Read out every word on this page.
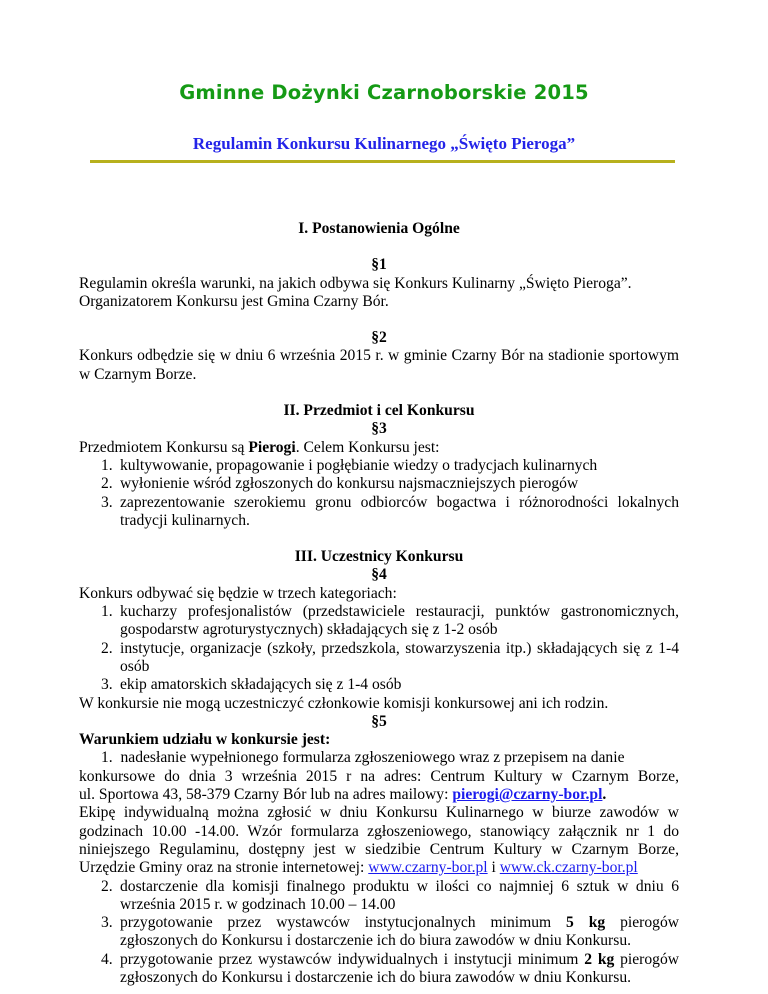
Gminne Dożynki Czarnoborskie 2015
Regulamin Konkursu Kulinarnego „Święto Pieroga”
I. Postanowienia Ogólne
§1
Regulamin określa warunki, na jakich odbywa się Konkurs Kulinarny „Święto Pieroga”.
Organizatorem Konkursu jest Gmina Czarny Bór.
§2
Konkurs odbędzie się w dniu 6 września 2015 r. w gminie Czarny Bór na stadionie sportowym w Czarnym Borze.
II. Przedmiot i cel Konkursu
§3
Przedmiotem Konkursu są Pierogi. Celem Konkursu jest:
1. kultywowanie, propagowanie i pogłębianie wiedzy o tradycjach kulinarnych
2. wyłonienie wśród zgłoszonych do konkursu najsmaczniejszych pierogów
3. zaprezentowanie szerokiemu gronu odbiorców bogactwa i różnorodności lokalnych tradycji kulinarnych.
III. Uczestnicy Konkursu
§4
Konkurs odbywać się będzie w trzech kategoriach:
1. kucharzy profesjonalistów (przedstawiciele restauracji, punktów gastronomicznych, gospodarstw agroturystycznych) składających się z 1-2 osób
2. instytucje, organizacje (szkoły, przedszkola, stowarzyszenia itp.) składających się z 1-4 osób
3. ekip amatorskich składających się z 1-4 osób
W konkursie nie mogą uczestniczyć członkowie komisji konkursowej ani ich rodzin.
§5
Warunkiem udziału w konkursie jest:
1. nadesłanie wypełnionego formularza zgłoszeniowego wraz z przepisem na danie
konkursowe do dnia 3 września 2015 r na adres: Centrum Kultury w Czarnym Borze,
ul. Sportowa 43, 58-379 Czarny Bór lub na adres mailowy: pierogi@czarny-bor.pl.
Ekipę indywidualną można zgłosić w dniu Konkursu Kulinarnego w biurze zawodów w godzinach 10.00 -14.00. Wzór formularza zgłoszeniowego, stanowiący załącznik nr 1 do niniejszego Regulaminu, dostępny jest w siedzibie Centrum Kultury w Czarnym Borze, Urzędzie Gminy oraz na stronie internetowej: www.czarny-bor.pl i www.ck.czarny-bor.pl
2. dostarczenie dla komisji finalnego produktu w ilości co najmniej 6 sztuk w dniu 6 września 2015 r. w godzinach 10.00 – 14.00
3. przygotowanie przez wystawców instytucjonalnych minimum 5 kg pierogów zgłoszonych do Konkursu i dostarczenie ich do biura zawodów w dniu Konkursu.
4. przygotowanie przez wystawców indywidualnych i instytucji minimum 2 kg pierogów zgłoszonych do Konkursu i dostarczenie ich do biura zawodów w dniu Konkursu.
